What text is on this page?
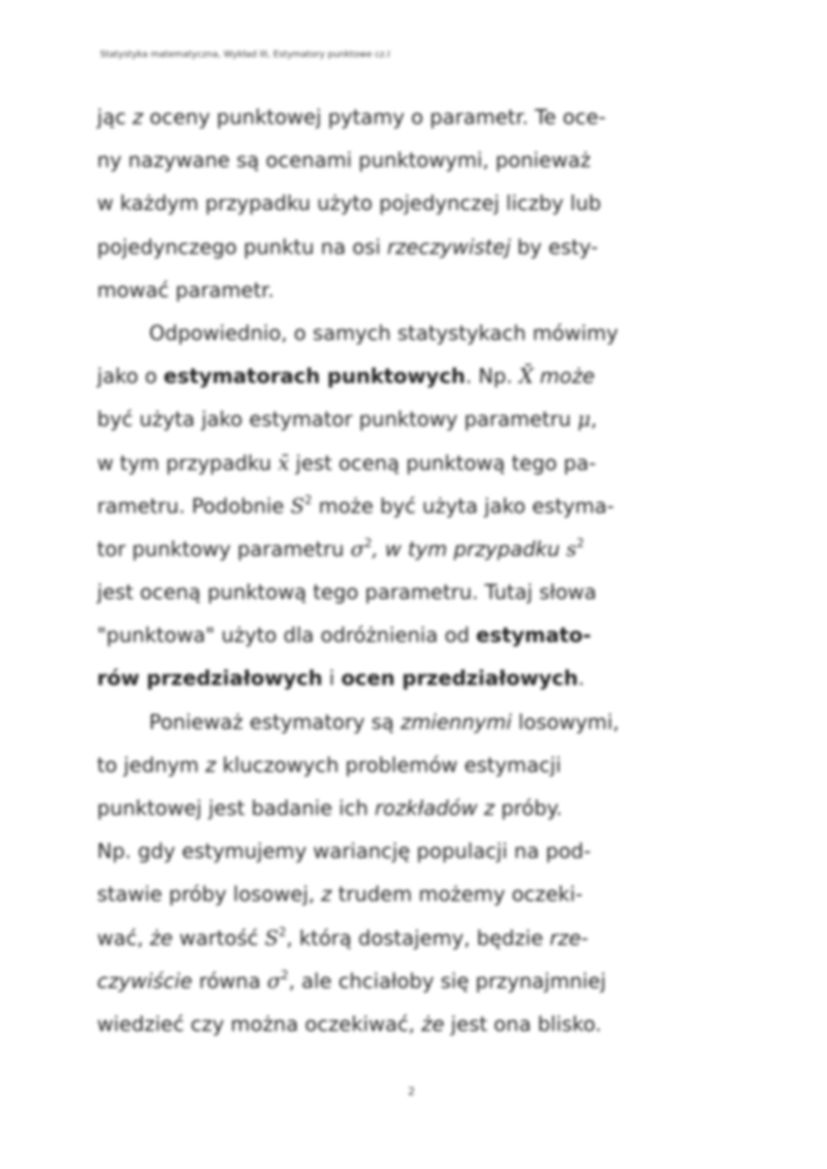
Statystyka matematyczna, Wykład III, Estymatory punktowe cz.I
jąc z oceny punktowej pytamy o parametr. Te oce-
ny nazywane są ocenami punktowymi, ponieważ
w każdym przypadku użyto pojedynczej liczby lub
pojedynczego punktu na osi rzeczywistej by esty-
mować parametr.
Odpowiednio, o samych statystykach mówimy
jako o estymatorach punktowych. Np. X̄ może
być użyta jako estymator punktowy parametru μ,
w tym przypadku x̄ jest oceną punktową tego pa-
rametru. Podobnie $S^2$ może być użyta jako estyma-
tor punktowy parametru $\sigma^2$, w tym przypadku $s^2$
jest oceną punktową tego parametru. Tutaj słowa
"punktowa" użyto dla odróżnienia od estymato-
rów przedziałowych i ocen przedziałowych.
Ponieważ estymatory są zmiennymi losowymi,
to jednym z kluczowych problemów estymacji
punktowej jest badanie ich rozkładów z próby.
Np. gdy estymujemy wariancję populacji na pod-
stawie próby losowej, z trudem możemy oczeki-
wać, że wartość $S^2$, którą dostajemy, będzie rze-
czywiście równa $\sigma^2$, ale chciałoby się przynajmniej
wiedzieć czy można oczekiwać, że jest ona blisko.
2
